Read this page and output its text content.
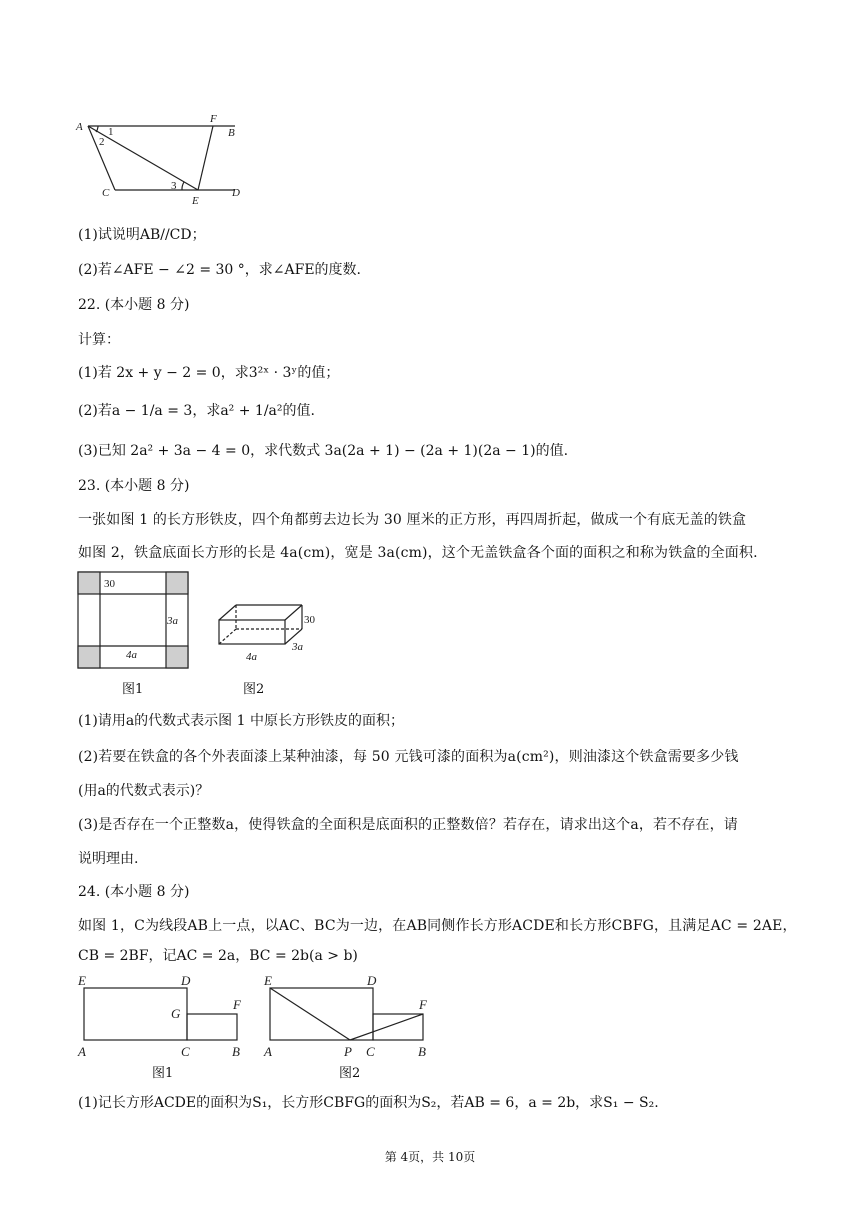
A
F
B
1
2
3
C
E
D
(1)试说明AB//CD；
(2)若∠AFE − ∠2 = 30 °，求∠AFE的度数.
22. (本小题 8 分)
计算：
(1)若 2x + y − 2 = 0，求3²ˣ · 3ʸ的值；
(2)若a − 1/a = 3，求a² + 1/a²的值.
(3)已知 2a² + 3a − 4 = 0，求代数式 3a(2a + 1) − (2a + 1)(2a − 1)的值.
23. (本小题 8 分)
一张如图 1 的长方形铁皮，四个角都剪去边长为 30 厘米的正方形，再四周折起，做成一个有底无盖的铁盒
如图 2，铁盒底面长方形的长是 4a(cm)，宽是 3a(cm)，这个无盖铁盒各个面的面积之和称为铁盒的全面积.
30
3a
4a
图1
30
3a
4a
图2
(1)请用a的代数式表示图 1 中原长方形铁皮的面积；
(2)若要在铁盒的各个外表面漆上某种油漆，每 50 元钱可漆的面积为a(cm²)，则油漆这个铁盒需要多少钱
(用a的代数式表示)？
(3)是否存在一个正整数a，使得铁盒的全面积是底面积的正整数倍？若存在，请求出这个a，若不存在，请
说明理由.
24. (本小题 8 分)
如图 1，C为线段AB上一点，以AC、BC为一边，在AB同侧作长方形ACDE和长方形CBFG，且满足AC = 2AE，
CB = 2BF，记AC = 2a，BC = 2b(a > b)
E	D
G
F
A	C	B
图1
E	D
F
A	P C	B
图2
(1)记长方形ACDE的面积为S₁，长方形CBFG的面积为S₂，若AB = 6，a = 2b，求S₁ − S₂.
第 4页，共 10页
